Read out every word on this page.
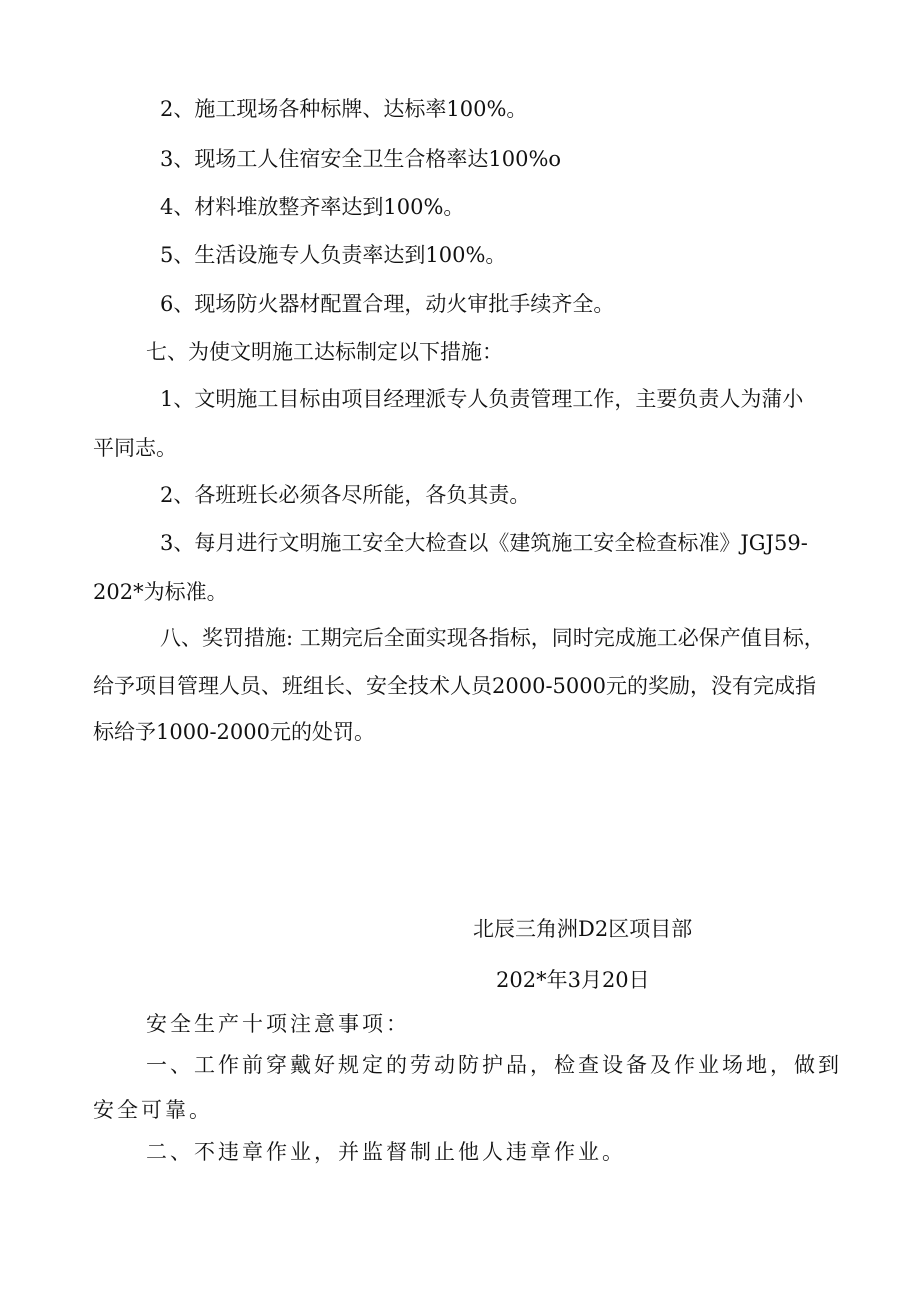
2、施工现场各种标牌、达标率100%。
3、现场工人住宿安全卫生合格率达100%o
4、材料堆放整齐率达到100%。
5、生活设施专人负责率达到100%。
6、现场防火器材配置合理，动火审批手续齐全。
七、为使文明施工达标制定以下措施：
1、文明施工目标由项目经理派专人负责管理工作，主要负责人为蒲小
平同志。
2、各班班长必须各尽所能，各负其责。
3、每月进行文明施工安全大检查以《建筑施工安全检查标准》JGJ59-
202*为标准。
八、奖罚措施: 工期完后全面实现各指标，同时完成施工必保产值目标，
给予项目管理人员、班组长、安全技术人员2000-5000元的奖励，没有完成指
标给予1000-2000元的处罚。
北辰三角洲D2区项目部
202*年3月20日
安全生产十项注意事项：
一、工作前穿戴好规定的劳动防护品，检查设备及作业场地，做到
安全可靠。
二、不违章作业，并监督制止他人违章作业。
